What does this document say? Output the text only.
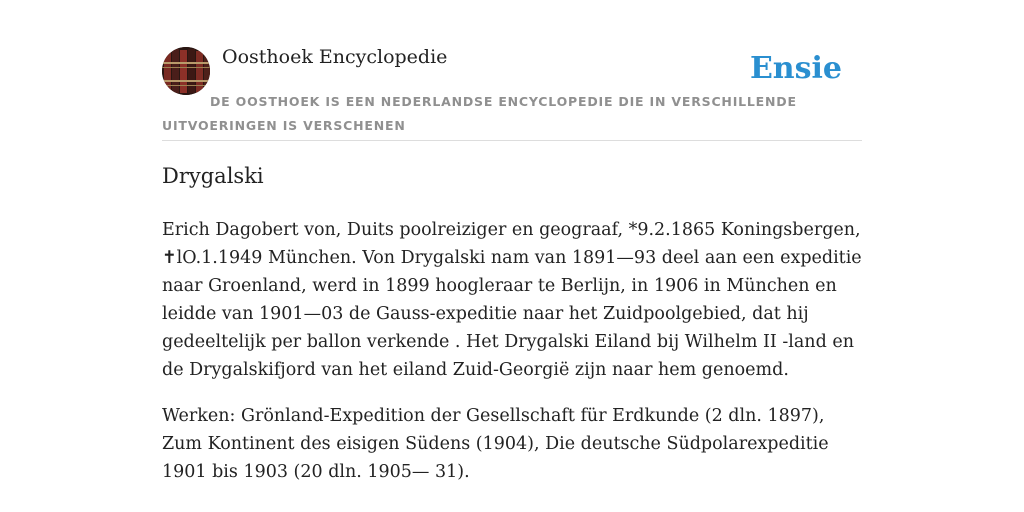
Oosthoek Encyclopedie	Ensie
DE OOSTHOEK IS EEN NEDERLANDSE ENCYCLOPEDIE DIE IN VERSCHILLENDE UITVOERINGEN IS VERSCHENEN
Drygalski

Erich Dagobert von, Duits poolreiziger en geograaf, *9.2.1865 Koningsbergen, ✝lO.1.1949 München. Von Drygalski nam van 1891—93 deel aan een expeditie naar Groenland, werd in 1899 hoogleraar te Berlijn, in 1906 in München en leidde van 1901—03 de Gauss-expeditie naar het Zuidpoolgebied, dat hij gedeeltelijk per ballon verkende . Het Drygalski Eiland bij Wilhelm II -land en de Drygalskifjord van het eiland Zuid-Georgië zijn naar hem genoemd.

Werken: Grönland-Expedition der Gesellschaft für Erdkunde (2 dln. 1897), Zum Kontinent des eisigen Südens (1904), Die deutsche Südpolarexpeditie 1901 bis 1903 (20 dln. 1905— 31).
